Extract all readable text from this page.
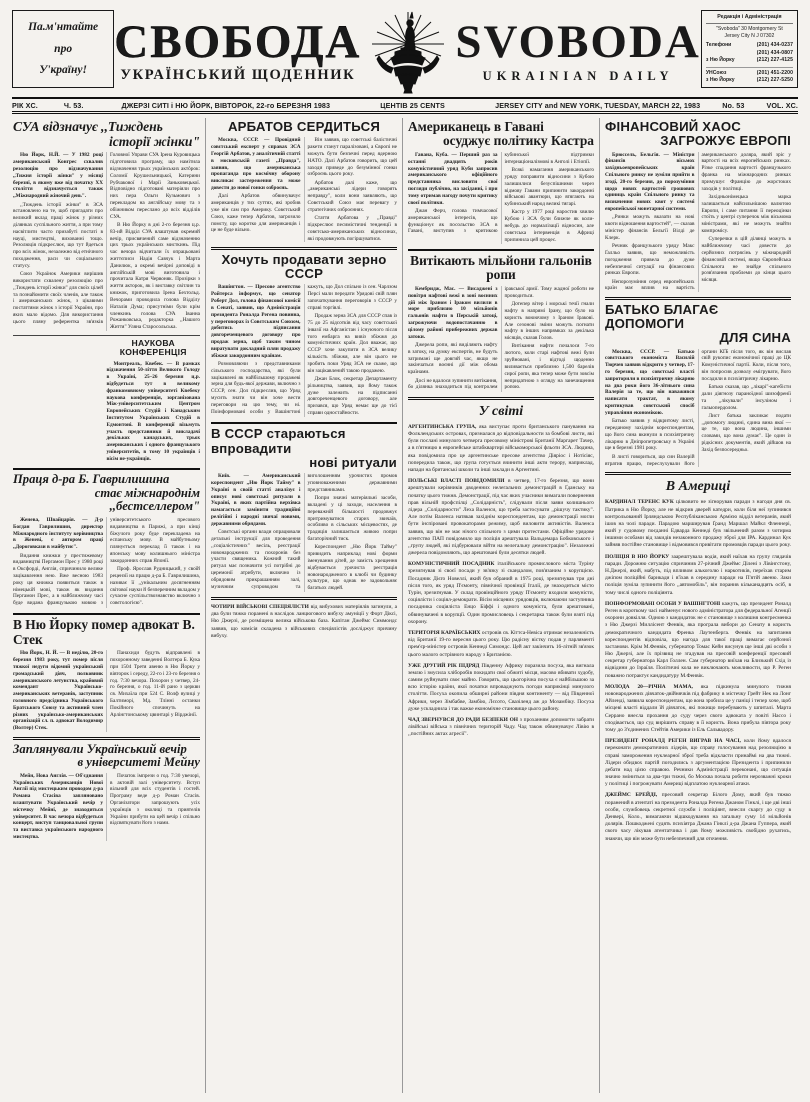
Па.м'нтайте
про
У'країну!
СВОБОДА
УКРАЇНСЬКИЙ ЩОДЕННИК
SVOBODA
UKRAINIAN DAILY
Редакція і Адміністрація
"Svoboda" 30 Montgomery St
Jersey City N J 07302
Телефони	(201) 434-0237
(201) 434-0807
з Ню Йорку	(212) 227-4125
УНСоюз	(201) 451-2200
з Ню Йорку	(212) 227-5250
РІК XC.	Ч. 53.	ДЖЕРЗІ СИТІ і НЮ ЙОРК, ВІВТОРОК, 22-го БЕРЕЗНЯ 1983	ЦЕНТІВ 25 CENTS	JERSEY CITY and NEW YORK, TUESDAY, MARCH 22, 1983	No. 53	VOL. XC.
СУА відзначує ,,Тиждень
історії жінки"

Ню Йорк, Н.Й. — У 1982 році американський Конгрес схвалив резолюцію про відзначування ,,Тижня історії жінки" у місяці березні, в якому вже від початку XX століття відзначується також ,,Міжнародний жіночий день".

,,Тиждень історії жінки" в ЗСА встановлено на те, щоб пригадати про великий вклад праці жінок у різних ділянках суспільного життя, а при тому насвітлити часто призабуті постаті в науці, мистецтві, вихованні тощо. Резолюція підкреслює, що тут йдеться про всіх жінок, незалежно від етнічного походження, раси чи соціального статусу.

Союз Українок Америки вирішив використати схвалену резолюцію про ,,Тиждень історії жінки" для своїх цілей та познайомити своїх членів, але також і американських жінок, з цікавими постаттями жінок з історії України, про яких мало відомо. Для використання цього пляну референтка зв'язків Головної Управи СУА Ірена Куровицька підготовила програму, що намітила відзначення трьох українських актôрок: Соломії Крушельницької, Катерини Рубчакової і Марії Заньковецької. Відповідно підготовані матеріяли про них пера Ольги Кузьмович з перекладом на англійську мову та з обіжником переслано до всіх відділів СУА.

В Ню Йорку в дні 2-го березня ц.р. 83-ий Відділ СУА влаштував окремий вечір, присвячений саме відзначенню цих трьох українських мисткинь. Під час вечора відчитали їх опрацьовані життєписи Надія Савчук і Марта Данилюк, а окремі вечірні доповіді в англійській мові виготовила і прочитала Катря Червоняк. Прозірки з життя акторок, як і виставку світлин та книжок, приготовила Ірена Бехтольд. Вечорами проводила голова Відділу Наталія Дума; присутніми були крім членкинь голова СУА Іванна Рожанковська, редакторка ,,Нашого Життя" Уляна Старосольська.

НАУКОВА
КОНФЕРЕНЦІЯ

Монтреаль, Квебек. — В рамках відзначення 50-ліття Великого Голоду в Україні, 25–26 березня ц.р. відбудеться тут в великому франкомовному університеті Квебеку наукова конференція, зорганізована Між-університетським Центром Европейських Студій і Канадським Інститутом Українських Студій в Едмонтоні. В конференції візьмуть участь представники й викладачі декількох канадських, трьох американських і одного французького університетів, в тому 10 українців і вісім не-українців.

Праця д-ра Б. Гаврилишина
стає міжнароднім ,,бестселлером"

Женева, Швайцарія. — Д-р Богдан Гаврилишин, директор Міжнародного інституту керівництва в Женеві, є автором праці ,,Дороговкази в майбутнє".

Видання книжки у престижевому видавництві Пергамон Прес у 1980 році в Оксфорді, Англія, спричинило велике зацікавлення нею. Вже весною 1983 року ця книжка появиться також в німецькій мові, також як видання Пергамон Прес, а в найближчому часі буде видана французькою мовою з університетського пресового видавництва в Парижі, а при кінці біжучого року буде перекладена на еспанську мову. В майбутньому плянується переклад її також і на японську мову колишнього міністра закордонних справ Японії.

Проф. Ярослав Рудницький, у своїй рецензії на працю д-ра Б. Гаврилишина, називає її ,,унікальним досягненням світової науки й безперечним вкладом у сучасне суспільствознавство включно з совєтологією".

В Ню Йорку помер адвокат В. Стек

Ню Йорк, Н. Й. — В неділю, 20-го березня 1983 року, тут помер після тяжкої недуги відомий український громадський діяч, полковник американського летунства, крайовий комендант Українсько-американських ветеранів, заступник головного предсідника Українського Братського Союзу та активний член різних українсько-американських організацій сл. п. адвокат Володимир (Волтер) Стек.

Панахиди будуть відправлені в похоронному заведенні Волтера Б. Кука при 1504 Третя авеню в Ню Йорку у вівторок і середу, 22-го і 23-го березня о год. 7:30 вечора. Похорон у четвер, 24-го березня, о год. 11-ій рано з церкви св. Михаїла при 524 С. Волф вулиці у Балтиморі, Мд. Тлінні останки Покійного спочинуть на Арлінгтонському цвинтарі у Вірджінії.

Заплянували Український вечір
в університеті Мейну

Мейн, Нова Англія. — Об'єднання Українських Американців Нової Англії під мистецьким проводом д-ра Романа Стасіва запляновано влаштувати Український вечір у містечку Мейні, де знаходиться університет. В час вечора відбудеться концерт, виступ танцювальної групи та виставка українського народного мистецтва.

Початок імпрези о год. 7:30 увечорі, в актовій залі університету. Вступ вільний для всіх студентів і гостей. Програму веде д-р Роман Стасів. Організатори запрошують усіх українців з околиці та приятелів України прибути на цей вечір і спільно відсвяткувати його з нами.

АРБАТОВ СЕРДИТЬСЯ

Москва, СССР. — Провідний совєтський експерт у справах ЗСА Георгій Арбатов, у аналітичній статті в московській газеті ,,Правда", заявив, що американська пропаганда про космічну оборону викликає застереження та може довести до нової гонки озброєнь.

Далі Арбатов обвинувачує американців у тих суттях, які зробив уже він сам про Америку. Совєтський Союз, каже тепер Арбатов, загрозило помсту, що коротко для американців і це не буде вільно.

Він заявив, що совєтські балістичні ракети станут паралізовані, а Європі не можуть бути безпечні перед ядерною НАТО. Далі Арбатов говорить, що цей заходи приведе до безумінної гонки озброєнь цього року.

Арбатов далі каже, що ,,американські лідери говорять неправду", коли вони заявляють, що Совєтський Союз має перевагу у стратегічних озброєннях.

Стаття Арбатова у ,,Правді" підкреслює песимістичні тенденції в совєтсько-американських відносинах, які продовжують погіршуватися.

Хочуть продавати зерно СССР

Вашінгтон. — Пресове агентство Ройтерса інформує, що сенатор Роберт Дол, голова фінансової комісії в Сенаті, заявив, що Адміністрація президента Роналда Регена повинна, у переговорах із Совєтським Союзом, добитись підписання довгореченцевого договору про продаж зерна, щоб таким чином виратувати докладний плян продажу збіжжя закордонним країнам.

Розмовляючи з представниками сільського господарства, які були зацікавлені як найбільшому продажеві зерна для будь-якої держави, включно з СССР, сен. Дол підкреслив, що Уряд мусить знати чи він хоче вести переговори на цю тему, чи ні. Поінформовані особи у Вашінгтоні кажуть, що Дол спільно із сен. Чарлзом Персі мали передати Урядові свій плян започаткування переговорів з СССР у справі торгівлі.

Продаж зерна ЗСА для СССР спав із 75 до 25 відсотків від часу совєтської інвазії на Афганістан і існуючого після того ембарга на вивіз збіжжя до комуністичних країн. Дол вважає, що СССР хоче закупити в ЗСА велику кількість збіжжя, але він цього не зробить поки Уряд ЗСА не скаже, що він зацікавлений такою продажею.

Джан Блок, секретар Департаменту рільництва, заявив, що йому також дуже залежить на підписанні довгореченцевого договору, але призався, що Уряд немає ще до тієї справи одностайности.

В СССР стараються впровадити
нові ритуали

Київ. — Американський кореспондент ,,Ню Йорк Тайму" в Україні в своїй статті аналізує і описує нові совєтські ритуали в Україні, в яких партійна верхівка намагається замінити традиційні релігійні і народні звичаї новими, державними обрядами.

Совєтські органи влади опрацювали детальні інструкції для проведення ,,соціалістичних" весіль, реєстрації новонароджених та похоронів без участи священика. Кожний такий ритуал має позначити усі потрібні до церемонії атрибути, включно із обрядовим прикрашанням залі, музичним супроводом та виголошенням урочистих промов уповноваженими державними представниками.

Попри значні матеріяльні засоби, вкладені у ці заходи, населення в переважній більшості продовжує притримуватися старих звичаїв, особливо в сільських місцевостях, де традиція залишається живою попри багаторічний тиск.

Кореспондент ,,Ню Йорк Тайму" привидить наприклад нові форми іменування дітей, де замість хрещення відбувається урочиста реєстрація новонародженого в клюбі чи будинку культури, що однак не задовольняє багатьох людей.

ЧОТИРИ ВІЙСЬКОВІ СПЕЦІЯЛІСТИ від вибухових матеріялів загинули, а два були тяжко поранені в наслідок ланцюгового вибуху амуніції у Форт Діксі, Ню Джерзі, де розміщена велика військова база. Капітан Джеймс Симмондс заявив, що комісія складена з військових спеціялістів досліджує причину вибуху.

Американець в Гавані
осуджує політику Кастра

Гавана, Куба. — Перший раз за останні двадцять років комуністичний уряд Куби запросив американського офіційного представника висловити свої погляди публічно, на засіданні, і при тому отримав нагоду почути критику своєї політики.

Джан Ферч, голова тимчасової американської інтересів, що функціонує як посольство ЗСА в Гавані, виступив з критикою кубинської підтримки інтернаціоналізмові в Анголі і Етіопії.

Всякі намагання американського уряду поправити відносини з Кубою залишилися безуспішними через відмову Гавани припинити закордонні військові авантюри, що втягають на кубинський народ великі тягарі.

Кастр у 1977 році наростив хвилю Кубою і ЗСА були ближче як коли-небудь до нормалізації відносин, але совєтська інтервенція в Африці припинила цей процес.

Витікають мільйони гальонів ропи

Кембридж, Мас. — Висаджені з повітря нафтові вежі в зоні воєнних дій між Іраном і Іраком вилили в море приблизно 10 мільйонів гальонів нафти в Перській затоці, загрожуючи водопостачанню в цілому районі прибережних держав затоки.

Джерела ропи, які виділяють нафту в затоку, на думку експертів, не будуть затримані ще довгий час, якщо не закінчаться воєнні дії між обома країнами.

Досі не вдалося зупинити витікання, бо ділянка знаходиться під контролем іракської армії. Тому жадної роботи не проводиться.

Дотепер вітер і морські течії гнали нафту в напрямі Ірану, що було на користь воюючому з Іраном Іракові. Але сезонові зміни можуть погнати нафту в інших напрямках за декілька місяців, сказав Голов.

Витікання нафти почалося 7-го лютого, коли старі нафтові вежі були зруйновані, і відтоді щоденно виливається приблизно 1,500 барелів сирої ропи, яка тепер може бути зовсім непридатною з огляду на занечищення ропою.

У світі

АРГЕНТИНСЬКА ГРУПА, яка виступає проти британського панування на Фолклендських островах, призналася до відповідальности за бомбові листи, які були послані минулого четверга пресовому міністрові Британії Маргарет Тачер, а в п'ятницю в европейське штабквартирі військоморської фльоти ЗСА. Людина, яка повідомила про це аргентинське пресове агентство Діяріос і Нотісіяс, попередила також, що група готується вчинити інші акти терору, наприклад, напади на британські школи та інші заклади в Аргентині.

ПОЛЬСЬКІ ВЛАСТІ ПОВІДОМИЛИ в четвер, 17-го березня, що вони арештували керівників дводенних нелегальних демонстрацій в Ґданську на початку цього тижня. Демонстрації, під час яких учасники вимагали повернення прав вільній профспілці ,,Солідарність", слідували після заяви колишнього лідера ,,Солідарности" Леха Валенси, що треба застосувати ,,рішучу тактику". Але потім Валенса натякав західнім кореспондентам, що демонстрації могли бути інспіровані провокаторами режиму, щоб виловити активістів. Валенса заявив, що він не має нічого спільного з цими протестами. Офіційне урядове агентство ПАП повідомило що поліція арештувала Вальдемара Бобковського і ,,групу людей, які підбурювали війти на нелегальну демонстрацію". Незалежні джерела повідомляють, що арештовані були десятки людей.

КОМУНІСТИЧНИЙ ПОСАДНИК італійського промислового міста Туріну зрезиґнував зі своєї посади у зв'язку зі скандалом, пов'язаним з корупцією. Посадник Дієґо Новеллі, який був обраний в 1975 році, зрезиґнував три дні після того, як уряд П'ємонту, північної провінції Італії, де знаходиться місто Турін, зрезиґнував. У склад провінційного уряду П'ємонту входили комуністи, соціялісти і соціял-демократи. Вісім місцевих урядовців, включаючи заступника посадника соціяліста Енцо Біффі і одного комуніста, були арештовані, обвинувачені в корупції. Один промисловець і секретарка також були взяті під охорону.

ТЕРИТОРІЯ КАРАЇБСЬКИХ островів св. Кіттса-Невіса отримає незалежність від Британії 19-го вересня цього року. Цю радісну вістку подав у парляменті прем'єр-міністер островів Кеннеді Симондс. Цей акт закінчить 16-літній зв'язок цього малого острівного народу з Британією.

УЖЕ ДРУГИЙ РІК ПІДРЯД Південну Африку поразила посуха, яка вигнала землю і змусила хліборобів покидати свої обжиті місця, масово вбивати худобу, самим руйнувати своє майно. Говорять, що цьогорічна посуха є найбільшою за всю історію країни, якої початки впроваджують погоди наприкінці минулого століття. Посуха окопила обширні райони півдня континенту — від Південної Африки, через Зімбабве, Замбію, Лєсото, Свазіленд аж до Мозамбіку. Посуха дуже ускладнила і так важке економічне становище цього району.

ЧАД ЗВЕРНУВСЯ ДО РАДИ БЕЗПЕКИ ОН з проханням допомогти забрати лівійські війська з північних територій Чаду. Чад також обвинувачує Лівію в ,,постійних актах агресії".

ФІНАНСОВИЙ ХАОС
ЗАГРОЖУЄ ЕВРОПІ

Брюссель, Бельгія. — Міністри фінансів вісьмох західньоевропейських країн Спільного ринку не зуміли прийти в згоді, 20-го березня, до порозуміння щодо нових вартостей грошових одиниць країн Спільного ринку та визначення нових квот у системі европейської монетарної системи.

,,Ринки можуть вказати на нові квоти відношення вартостей", — сказав міністер фінансів Бельгії Вілді де Клерк.

Речник французького уряду Макс Ґалльо заявив, що неможливість погодження привела до дуже небезпечної ситуації на фінансових ринках Европи.

Непорозуміння серед европейських країн має вплив на вартість американського доляра, який зріс у вартості на всіх европейських ринках. Різке спадання вартості французького франка на міжнародних ринках примушує Францію до жорстоких заходів у політиці.

Західньонімецька марка залишається найсильнішою валютою Европи, і саме питання її переоцінки стоїть у центрі суперечок між вісьмома міністрами, які не можуть знайти компромісу.

Суперечки в цій ділянці можуть в найближчому часі довести до серйозних потрясінь у міжнародній фінансовій системі, якщо Європейська Спільнота не знайде спільного розв'язання проблеми до кінця цього місяця.

БАТЬКО БЛАГАЄ ДОПОМОГИ
ДЛЯ СИНА

Москва, СССР. — Батько совєтського економіста Василій Тюрчев заявив відкрито у четвер, 17-го березня, що совєтські власті запроторили в психіятричну лікарню на два роки його 36-літнього сина Валерія за те, що він наважився написати трактат, в якому критикував совєтський спосіб управління економікою.

Батько заявив у відкритому листі, переданому західнім кореспондентам, що його сина вкинули в психіятричну лікарню в Дніпропетровську в Україні ще в березні 1981 року.

В листі говориться, що син Валерій втратив працю, переслухували його органи КҐБ після того, як він вислав свій рукопис економічної праці до ЦК Комуністичної партії. Коли, після того, він попросив дозволу емігрувати, його посадили в психіятричну лікарню.

Батько сказав, що ,,лікарі"-кагебісти дали діягнозу параноїдної шизофренії та ,,лікували" інсуліном і галыопердолом.

Лист батька закликає подати ,,допомогу людині, єдина вина якої — це те, що вона людина, іншими словами, що вона думає". Це один із рідкісних документів, який дійшов на Захід безпосередньо.

В Америці

КАРДИНАЛ ТЕРЕНС КУК цілковито не зіґнорував паради з нагоди дня св. Патрика в Ню Йорку, але не відкрив дверей катедри, коли біля неї зупинився контрольований Ірляндською Республіканською Армією відділ ветеранів, який ішов на чолі паради. Парадою марширував Ґранд Маршал Майкл Фленнері, який у судовому поєданні Едварда Кеннеді був звільнений разом з чотирма іншими особами від закидів незаконного продажу зброї для ІРА. Кардинал Кук зайняв постійне становище і відмовився привітати промовців паради цього року.

ПОЛІЦІЯ В НЮ ЙОРКУ заарештувала водія, який наїхав на групу глядачів паради. Дорожню ситуацію спричинив 27-річний Джеймс Ділені з Лівінгстону, Н.Джерзі, який, мабуть, під впливом алькоголю і наркотиків, переїхав старим джіпом поліційні барикади і в'їхав в середину паради на П'ятій авеню. Заки поліція зуміла зупинити його ,,автомобіль", він поранив кільканадцять осіб, в тому числі одного поліціянта.

ПОІНФОРМОВАНІ ОСОБИ У ВАШІНГТОНІ кажуть, що президент Роналд Реген в короткому часі найменує нового адміністратора для федеральної Аґенції охорони довкілля. Одною з кандидаток не є становище з колишня конгресменка з Ню Джерзі Миллісент Фенвік, яка програла вибори до Сенату в користь демократичного кандидата Френка Лаутенберга. Фенвік на запитання кореспондентів відповіла, що нагода для такої праці вимагає серйозної застанови. Крім М.Фенвік, губернатор Томас Кейн висунув ще інші дві особи з Ню Джерзі, але їх прізвищ не згадував на пресовій конференції пресовий секретар губернатора Карл Ґоллен. Сам губернатор виїхав на Близький Схід із відвідини до Ізраїля. Політичні кола не виключають можливости, що Р. Реген поважно потрактує кандидатуру М.Фенвік.

МОЛОДА 20—РІЧНА МАМА, яка підкинула минулого тижня новонароджених дівчаток-двійнячків під фабрику в містечку Грейт Нек на Лонг Айленді, заявила кореспондентам, що вона зробила це у паніці і тепер хоче, щоб місцеві власті віддали їй дівчаток, які покищо перебувають у шпиталі. Марта Серрано внесла прохання до суду через свого адвоката у повіті Нассо і сподівається, що суд вирішить справу в її користь. Вона прибула півтора року тому до З'єдинених Стейтів Америки із Ель Сальвадору.

ПРЕЗИДЕНТ РОНАЛД РЕГЕН ВИГРАВ НА ЧАСІ, коли йому вдалося переконати демократичних лідерів, що справу голосування над резолюцією в справі заморожения нуклеарної зброї треба відкласти принаймі на два тижні. Лідери обидвох партій погодились з аргументацією Президента і припинили дебати над цією справою. Речники Адміністрації переконані, що ситуація значно зміниться за два-три тижні, бо Москва почала робити нерозважні кроки у політиці і погрожувати Америці відплатою нуклеарної атаки.

ДЖЕЙМС БРЕЙДІ, пресовий секретар Білого Дому, який був тяжко поранений в атентаті на президента Роналда Регена Джаном Гінклі, і ще дві інші особи, службовець секретної служби і поліціянт, внесли скаргу до суду в Денвері, Коло., вимагаючи відшкодування на загальну суму 14 мільйонів долярів. Пошкоджені судять психіятра Джана Гінклі д-ра Джана Гуппера, який свого часу лікував атентатчика і дав йому можливість свобідно рухатись, знаючи, що він може бути небезпечний для оточення.
